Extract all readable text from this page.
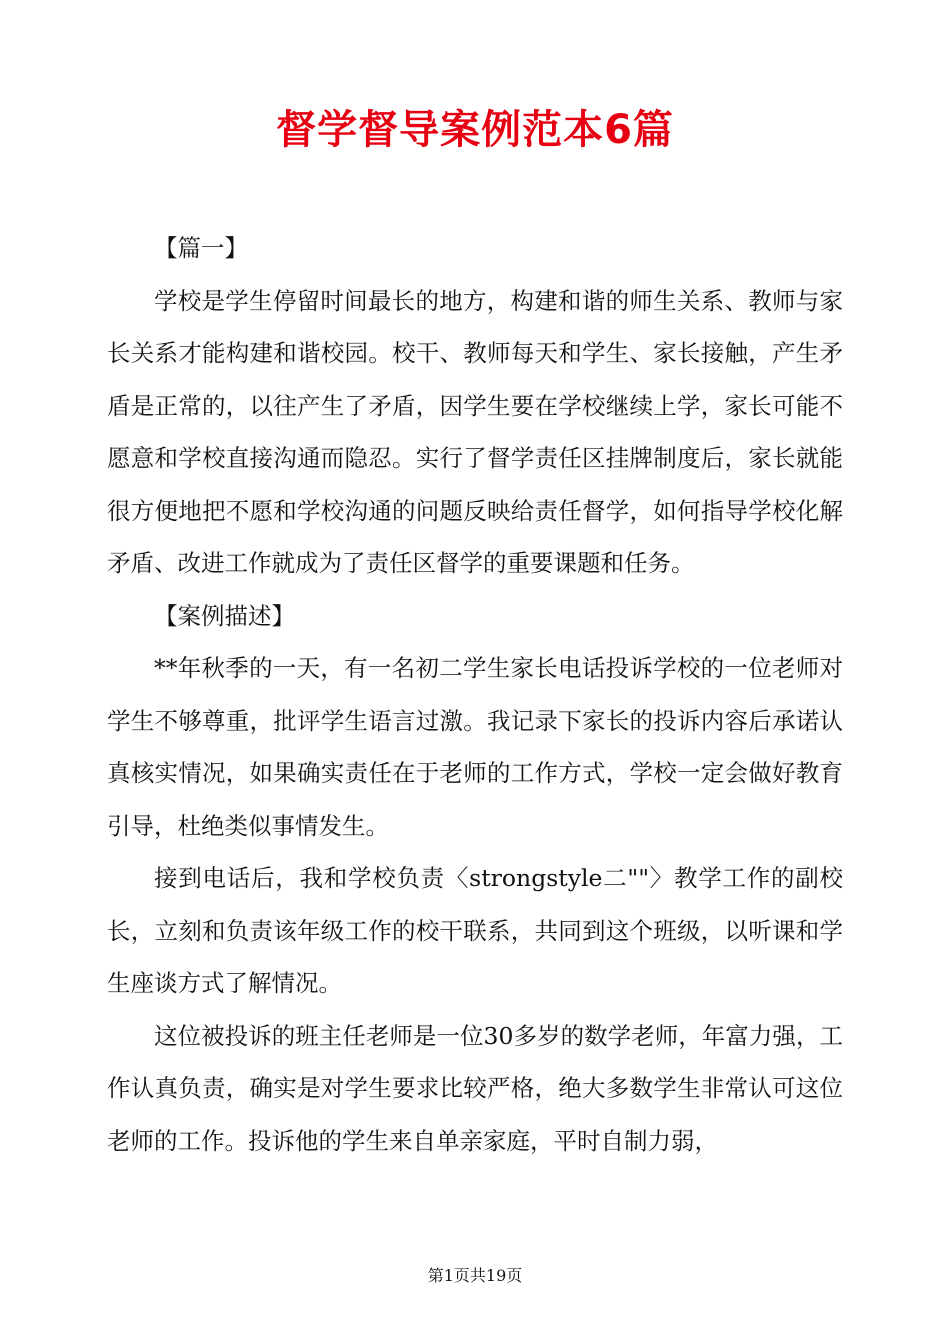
督学督导案例范本6篇

【篇一】

学校是学生停留时间最长的地方，构建和谐的师生关系、教师与家长关系才能构建和谐校园。校干、教师每天和学生、家长接触，产生矛盾是正常的，以往产生了矛盾，因学生要在学校继续上学，家长可能不愿意和学校直接沟通而隐忍。实行了督学责任区挂牌制度后，家长就能很方便地把不愿和学校沟通的问题反映给责任督学，如何指导学校化解矛盾、改进工作就成为了责任区督学的重要课题和任务。

【案例描述】

**年秋季的一天，有一名初二学生家长电话投诉学校的一位老师对学生不够尊重，批评学生语言过激。我记录下家长的投诉内容后承诺认真核实情况，如果确实责任在于老师的工作方式，学校一定会做好教育引导，杜绝类似事情发生。

接到电话后，我和学校负责〈strongstyle二""〉教学工作的副校长，立刻和负责该年级工作的校干联系，共同到这个班级，以听课和学生座谈方式了解情况。

这位被投诉的班主任老师是一位30多岁的数学老师，年富力强，工作认真负责，确实是对学生要求比较严格，绝大多数学生非常认可这位老师的工作。投诉他的学生来自单亲家庭，平时自制力弱，

第1页共19页
